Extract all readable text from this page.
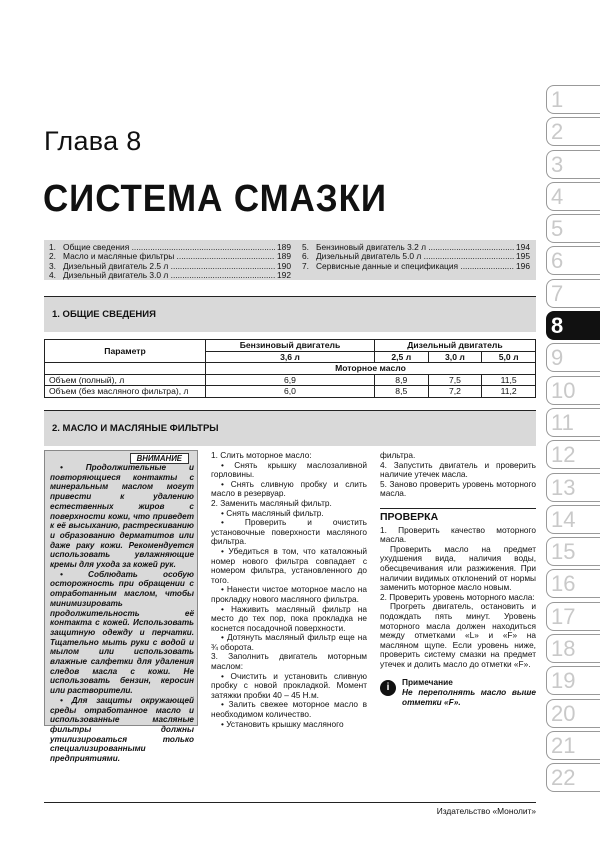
Глава 8
СИСТЕМА СМАЗКИ
1
2
3
4
5
6
7
8
9
10
11
12
13
14
15
16
17
18
19
20
21
22
1. Общие сведения .....	189
2. Масло и масляные фильтры .....	189
3. Дизельный двигатель 2.5 л .....	190
4. Дизельный двигатель 3.0 л .....	192
5. Бензиновый двигатель 3.2 л .....	194
6. Дизельный двигатель 5.0 л .....	195
7. Сервисные данные и спецификация .....	196
1. ОБЩИЕ СВЕДЕНИЯ
Параметр	Бензиновый двигатель	Дизельный двигатель		
	3,6 л	2,5 л	3,0 л	5,0 л
	Моторное масло			
Объем (полный), л	6,9	8,9	7,5	11,5
Объем (без масляного фильтра), л	6,0	8,5	7,2	11,2
2. МАСЛО И МАСЛЯНЫЕ ФИЛЬТРЫ
ВНИМАНИЕ

• Продолжительные и повторяющиеся контакты с минеральным маслом могут привести к удалению естественных жиров с поверхности кожи, что приведет к её высыханию, растрескиванию и образованию дерматитов или даже раку кожи. Рекомендуется использовать увлажняющие кремы для ухода за кожей рук.

• Соблюдать особую осторожность при обращении с отработанным маслом, чтобы минимизировать продолжительность её контакта с кожей. Использовать защитную одежду и перчатки. Тщательно мыть руки с водой и мылом или использовать влажные салфетки для удаления следов масла с кожи. Не использовать бензин, керосин или растворители.

• Для защиты окружающей среды отработанное масло и использованные масляные фильтры должны утилизироваться только специализированными предприятиями.

1. Слить моторное масло:

• Снять крышку маслозаливной горловины.

• Снять сливную пробку и слить масло в резервуар.

2. Заменить масляный фильтр.

• Снять масляный фильтр.

• Проверить и очистить установочные поверхности масляного фильтра.

• Убедиться в том, что каталожный номер нового фильтра совпадает с номером фильтра, установленного до того.

• Нанести чистое моторное масло на прокладку нового масляного фильтра.

• Наживить масляный фильтр на место до тех пор, пока прокладка не коснется посадочной поверхности.

• Дотянуть масляный фильтр еще на ¾ оборота.

3. Заполнить двигатель моторным маслом:

• Очистить и установить сливную пробку с новой прокладкой. Момент затяжки пробки 40 – 45 Н.м.

• Залить свежее моторное масло в необходимом количество.

• Установить крышку масляного

фильтра.

4. Запустить двигатель и проверить наличие утечек масла.

5. Заново проверить уровень моторного масла.

ПРОВЕРКА

1. Проверить качество моторного масла.

Проверить масло на предмет ухудшения вида, наличия воды, обесцвечивания или разжижения. При наличии видимых отклонений от нормы заменить моторное масло новым.

2. Проверить уровень моторного масла:

Прогреть двигатель, остановить и подождать пять минут. Уровень моторного масла должен находиться между отметками «L» и «F» на масляном щупе. Если уровень ниже, проверить систему смазки на предмет утечек и долить масло до отметки «F».

i	Примечание
Не переполнять масло выше отметки «F».
Издательство «Монолит»
